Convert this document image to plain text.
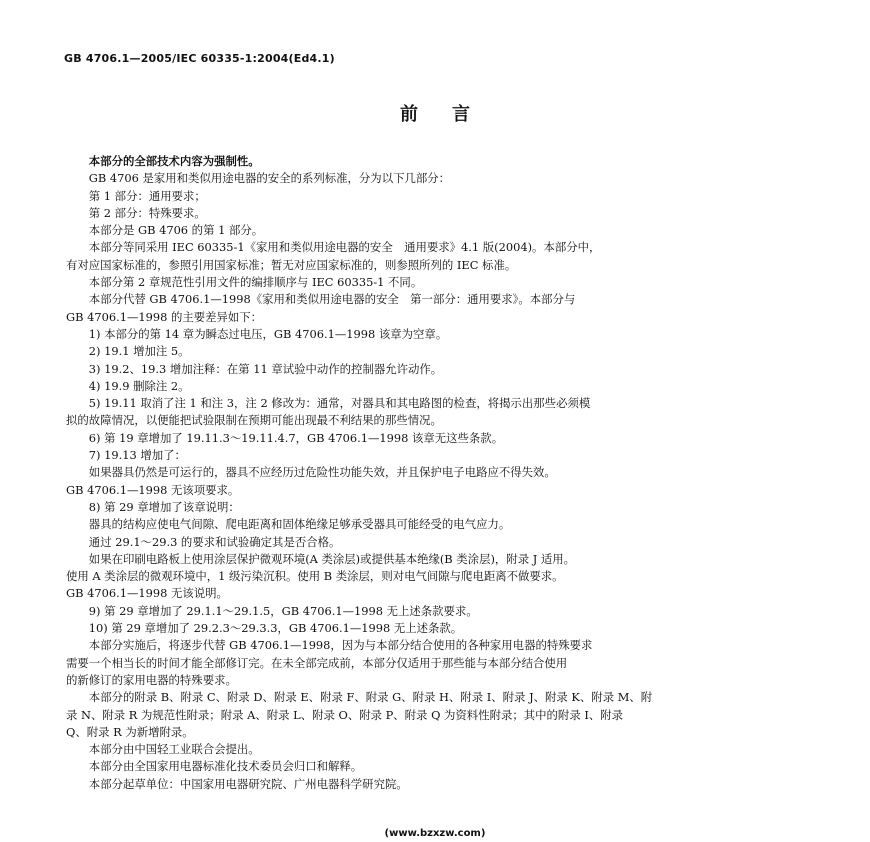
GB 4706.1—2005/IEC 60335-1:2004(Ed4.1)
前言

本部分的全部技术内容为强制性。

GB 4706 是家用和类似用途电器的安全的系列标准，分为以下几部分：

第 1 部分：通用要求；

第 2 部分：特殊要求。

本部分是 GB 4706 的第 1 部分。

本部分等同采用 IEC 60335-1《家用和类似用途电器的安全　通用要求》4.1 版(2004)。本部分中，

有对应国家标准的，参照引用国家标准；暂无对应国家标准的，则参照所列的 IEC 标准。

本部分第 2 章规范性引用文件的编排顺序与 IEC 60335-1 不同。

本部分代替 GB 4706.1—1998《家用和类似用途电器的安全　第一部分：通用要求》。本部分与

GB 4706.1—1998 的主要差异如下：

1) 本部分的第 14 章为瞬态过电压，GB 4706.1—1998 该章为空章。

2) 19.1 增加注 5。

3) 19.2、19.3 增加注释：在第 11 章试验中动作的控制器允许动作。

4) 19.9 删除注 2。

5) 19.11 取消了注 1 和注 3，注 2 修改为：通常，对器具和其电路图的检查，将揭示出那些必须模

拟的故障情况，以便能把试验限制在预期可能出现最不利结果的那些情况。

6) 第 19 章增加了 19.11.3～19.11.4.7，GB 4706.1—1998 该章无这些条款。

7) 19.13 增加了：

如果器具仍然是可运行的，器具不应经历过危险性功能失效，并且保护电子电路应不得失效。

GB 4706.1—1998 无该项要求。

8) 第 29 章增加了该章说明：

器具的结构应使电气间隙、爬电距离和固体绝缘足够承受器具可能经受的电气应力。

通过 29.1～29.3 的要求和试验确定其是否合格。

如果在印刷电路板上使用涂层保护微观环境(A 类涂层)或提供基本绝缘(B 类涂层)，附录 J 适用。

使用 A 类涂层的微观环境中，1 级污染沉积。使用 B 类涂层，则对电气间隙与爬电距离不做要求。

GB 4706.1—1998 无该说明。

9) 第 29 章增加了 29.1.1～29.1.5，GB 4706.1—1998 无上述条款要求。

10) 第 29 章增加了 29.2.3～29.3.3，GB 4706.1—1998 无上述条款。

本部分实施后，将逐步代替 GB 4706.1—1998，因为与本部分结合使用的各种家用电器的特殊要求

需要一个相当长的时间才能全部修订完。在未全部完成前，本部分仅适用于那些能与本部分结合使用

的新修订的家用电器的特殊要求。

本部分的附录 B、附录 C、附录 D、附录 E、附录 F、附录 G、附录 H、附录 I、附录 J、附录 K、附录 M、附

录 N、附录 R 为规范性附录；附录 A、附录 L、附录 O、附录 P、附录 Q 为资料性附录；其中的附录 I、附录

Q、附录 R 为新增附录。

本部分由中国轻工业联合会提出。

本部分由全国家用电器标准化技术委员会归口和解释。

本部分起草单位：中国家用电器研究院、广州电器科学研究院。

(www.bzxzw.com)
